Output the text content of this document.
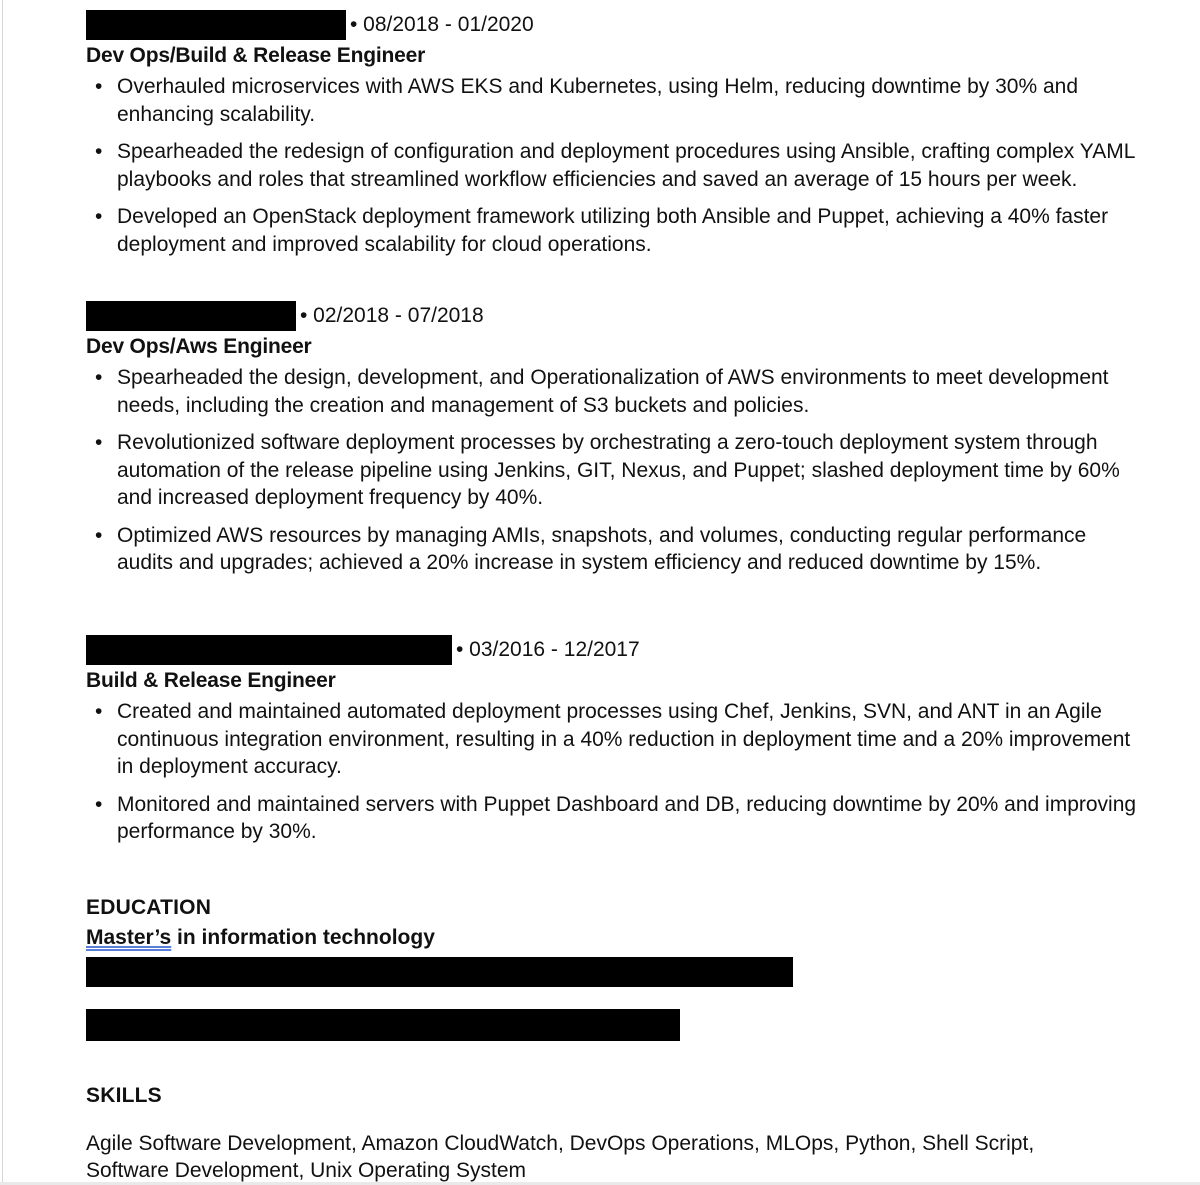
• 08/2018 - 01/2020
Dev Ops/Build & Release Engineer
• Overhauled microservices with AWS EKS and Kubernetes, using Helm, reducing downtime by 30% and enhancing scalability.
• Spearheaded the redesign of configuration and deployment procedures using Ansible, crafting complex YAML playbooks and roles that streamlined workflow efficiencies and saved an average of 15 hours per week.
• Developed an OpenStack deployment framework utilizing both Ansible and Puppet, achieving a 40% faster deployment and improved scalability for cloud operations.
• 02/2018 - 07/2018
Dev Ops/Aws Engineer
• Spearheaded the design, development, and Operationalization of AWS environments to meet development needs, including the creation and management of S3 buckets and policies.
• Revolutionized software deployment processes by orchestrating a zero-touch deployment system through automation of the release pipeline using Jenkins, GIT, Nexus, and Puppet; slashed deployment time by 60% and increased deployment frequency by 40%.
• Optimized AWS resources by managing AMIs, snapshots, and volumes, conducting regular performance audits and upgrades; achieved a 20% increase in system efficiency and reduced downtime by 15%.
• 03/2016 - 12/2017
Build & Release Engineer
• Created and maintained automated deployment processes using Chef, Jenkins, SVN, and ANT in an Agile continuous integration environment, resulting in a 40% reduction in deployment time and a 20% improvement in deployment accuracy.
• Monitored and maintained servers with Puppet Dashboard and DB, reducing downtime by 20% and improving performance by 30%.
EDUCATION
Master’s in information technology
SKILLS
Agile Software Development, Amazon CloudWatch, DevOps Operations, MLOps, Python, Shell Script, Software Development, Unix Operating System
